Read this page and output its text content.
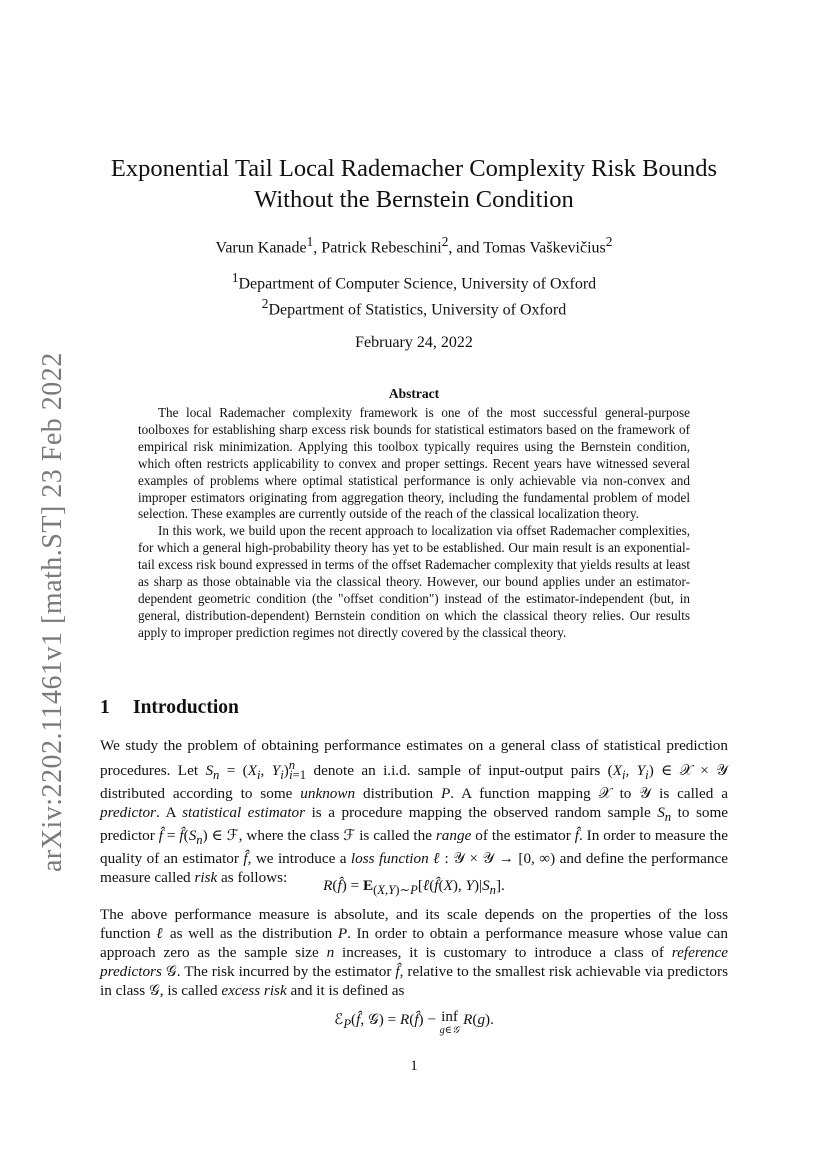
arXiv:2202.11461v1 [math.ST] 23 Feb 2022
Exponential Tail Local Rademacher Complexity Risk Bounds
Without the Bernstein Condition
Varun Kanade$^1$, Patrick Rebeschini$^2$, and Tomas Vaškevičius$^2$
$^1$Department of Computer Science, University of Oxford
$^2$Department of Statistics, University of Oxford
February 24, 2022
Abstract

The local Rademacher complexity framework is one of the most successful general-purpose toolboxes for establishing sharp excess risk bounds for statistical estimators based on the framework of empirical risk minimization. Applying this toolbox typically requires using the Bernstein condition, which often restricts applicability to convex and proper settings. Recent years have witnessed several examples of problems where optimal statistical performance is only achievable via non-convex and improper estimators originating from aggregation theory, including the fundamental problem of model selection. These examples are currently outside of the reach of the classical localization theory.

In this work, we build upon the recent approach to localization via offset Rademacher complexities, for which a general high-probability theory has yet to be established. Our main result is an exponential-tail excess risk bound expressed in terms of the offset Rademacher complexity that yields results at least as sharp as those obtainable via the classical theory. However, our bound applies under an estimator-dependent geometric condition (the "offset condition") instead of the estimator-independent (but, in general, distribution-dependent) Bernstein condition on which the classical theory relies. Our results apply to improper prediction regimes not directly covered by the classical theory.

1 Introduction

We study the problem of obtaining performance estimates on a general class of statistical prediction procedures. Let $S_n = (X_i$, $Y_i)^n_{i=1}$ denote an i.i.d. sample of input-output pairs ($X_i$, $Y_i$) ∈ 𝒳 × 𝒴 distributed according to some unknown distribution P. A function mapping 𝒳 to 𝒴 is called a predictor. A statistical estimator is a procedure mapping the observed random sample $S_n$ to some predictor f̂ = $f̂(S_n)$ ∈ ℱ, where the class ℱ is called the range of the estimator f̂. In order to measure the quality of an estimator f̂, we introduce a loss function ℓ : 𝒴 × 𝒴 → [0, ∞) and define the performance measure called risk as follows:	R(f̂) = $E_{(X,Y)\sim P}[\ell(f̂(X)$, $Y)|S_n$].

The above performance measure is absolute, and its scale depends on the properties of the loss function ℓ as well as the distribution P. In order to obtain a performance measure whose value can approach zero as the sample size n increases, it is customary to introduce a class of reference predictors 𝒢. The risk incurred by the estimator f̂, relative to the smallest risk achievable via predictors in class 𝒢, is called excess risk and it is defined as

ℰ$_P$(f̂, 𝒢) = R(f̂) − inf
g∈𝒢
R(g).
1
